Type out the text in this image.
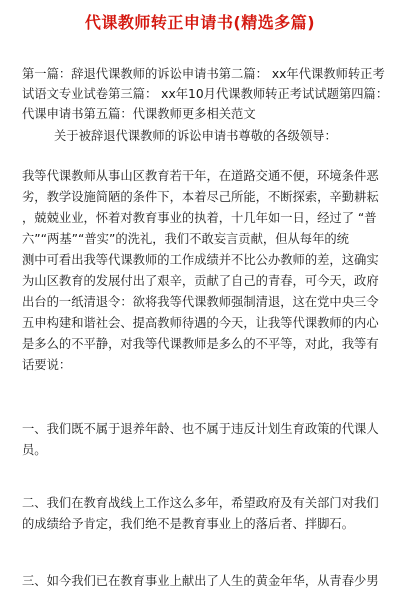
代课教师转正申请书(精选多篇)
第一篇：辞退代课教师的诉讼申请书第二篇： xx年代课教师转正考
试语文专业试卷第三篇： xx年10月代课教师转正考试试题第四篇：
代课申请书第五篇：代课教师更多相关范文
关于被辞退代课教师的诉讼申请书尊敬的各级领导：
我等代课教师从事山区教育若干年，在道路交通不便，环境条件恶
劣，教学设施简陋的条件下，本着尽己所能，不断探索，辛勤耕耘
，兢兢业业，怀着对教育事业的执着，十几年如一日，经过了 “普
六”“两基”“普实”的洗礼，我们不敢妄言贡献，但从每年的统
测中可看出我等代课教师的工作成绩并不比公办教师的差，这确实
为山区教育的发展付出了艰辛，贡献了自己的青春，可今天，政府
出台的一纸清退令：欲将我等代课教师强制清退，这在党中央三令
五申构建和谐社会、提高教师待遇的今天，让我等代课教师的内心
是多么的不平静，对我等代课教师是多么的不平等，对此，我等有
话要说：
一、我们既不属于退养年龄、也不属于违反计划生育政策的代课人
员。
二、我们在教育战线上工作这么多年，希望政府及有关部门对我们
的成绩给予肯定，我们绝不是教育事业上的落后者、拌脚石。
三、如今我们已在教育事业上献出了人生的黄金年华，从青春少男
